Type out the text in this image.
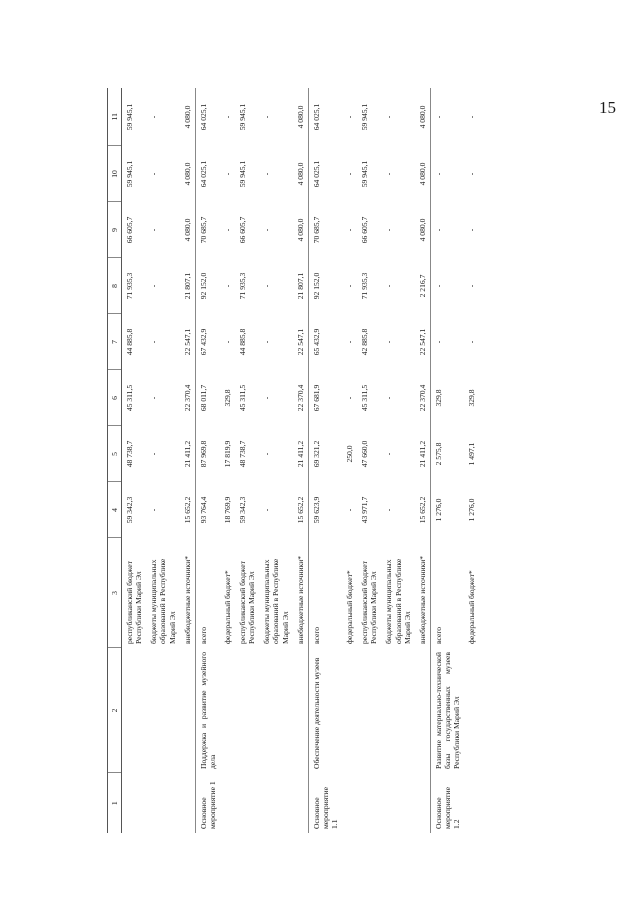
15
1	2	3	4	5	6	7	8	9	10	11
		республиканский бюджет Республики Марий Эл	59 342,3	48 738,7	45 311,5	44 885,8	71 935,3	66 605,7	59 945,1	59 945,1
		бюджеты муниципальных образований в Республике Марий Эл	-	-	-	-	-	-	-	-
		внебюджетные источники*	15 652,2	21 411,2	22 370,4	22 547,1	21 807,1	4 080,0	4 080,0	4 080,0
Основное мероприятие 1	Поддержка и развитие музейного дела	всего	93 764,4	87 969,8	68 011,7	67 432,9	92 152,0	70 685,7	64 025,1	64 025,1
		федеральный бюджет*	18 769,9	17 819,9	329,8	-	-	-	-	-
		республиканский бюджет Республики Марий Эл	59 342,3	48 738,7	45 311,5	44 885,8	71 935,3	66 605,7	59 945,1	59 945,1
		бюджеты муниципальных образований в Республике Марий Эл	-	-	-	-	-	-	-	-
		внебюджетные источники*	15 652,2	21 411,2	22 370,4	22 547,1	21 807,1	4 080,0	4 080,0	4 080,0
Основное мероприятие 1.1	Обеспечение деятельности музеев	всего	59 623,9	69 321,2	67 681,9	65 432,9	92 152,0	70 685,7	64 025,1	64 025,1
		федеральный бюджет*	-	250,0	-	-	-	-	-	-
		республиканский бюджет Республики Марий Эл	43 971,7	47 660,0	45 311,5	42 885,8	71 935,3	66 605,7	59 945,1	59 945,1
		бюджеты муниципальных образований в Республике Марий Эл	-	-	-	-	-	-	-	-
		внебюджетные источники*	15 652,2	21 411,2	22 370,4	22 547,1	2 216,7	4 080,0	4 080,0	4 080,0
Основное мероприятие 1.2	Развитие материально-технической базы государственных музеев Республики Марий Эл	всего	1 276,0	2 575,8	329,8	-	-	-	-	-
		федеральный бюджет*	1 276,0	1 497,1	329,8	-	-	-	-	-
